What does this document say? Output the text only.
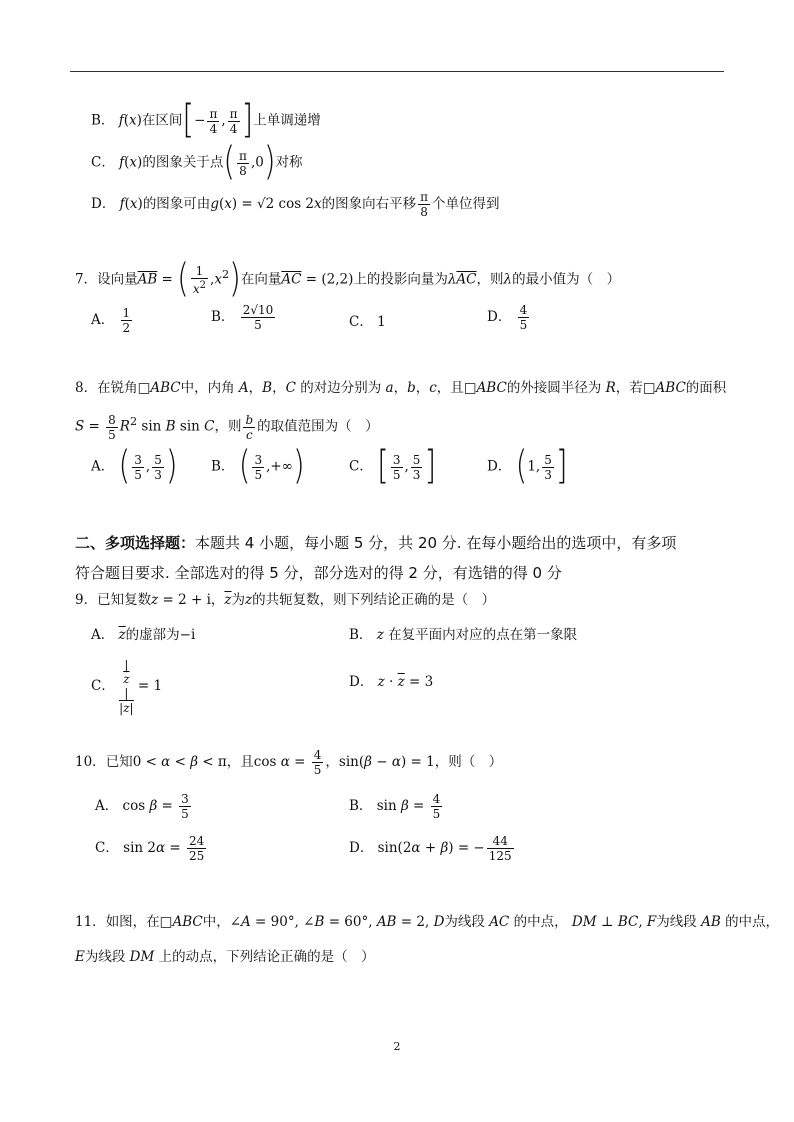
B． f(x)在区间[− $\frac{\pi}{4}$ , $\frac{\pi}{4}$ ]上单调递增
C． f(x)的图象关于点( $\frac{\pi}{8} ,0$)对称
D． f(x)的图象可由g(x) = √2 cos 2x的图象向右平移 $\frac{\pi}{8}$ 个单位得到
7．设向量$\overline{AB}$ = ( $\frac{1}{x^2} ,x^2$)在向量$\overline{AC} = (2,2)$上的投影向量为$\lambda\overline{AC}$，则λ的最小值为（　）
A． $\frac{1}{2}$	B． $\frac{2√10}{5}$	C． 1	D． $\frac{4}{5}$
8．在锐角□ABC中，内角 A，B，C 的对边分别为 a，b，c，且□ABC的外接圆半径为 R，若□ABC的面积
$S = \frac{8}{5} R^2$ sin B sin C，则 $\frac{b}{c}$ 的取值范围为（　）
A． ( $\frac{3}{5}$ , $\frac{5}{3}$ ) B． ( $\frac{3}{5}$ ,+∞)	C． [ $\frac{3}{5}$ , $\frac{5}{3}$ ]	D． (1, $\frac{5}{3}$ ]
二、多项选择题：本题共 4 小题，每小题 5 分，共 20 分. 在每小题给出的选项中，有多项
符合题目要求. 全部选对的得 5 分，部分选对的得 2 分，有选错的得 0 分
9．已知复数z = 2 + i，$\overline{z}$为z的共轭复数，则下列结论正确的是（　）
A． $\overline{z}$的虚部为−i	B． z 在复平面内对应的点在第一象限
C． |
$\overline{z}$
|
|z| = 1	D． $z \cdot \overline{z} = 3$
10．已知0 < α < β < π，且$\cos \alpha = \frac{4}{5}$ ，sin(β − α) = 1，则（　）
A． $\cos \beta = \frac{3}{5}$	B． $\sin \beta = \frac{4}{5}$
C． $\sin 2\alpha = \frac{24}{25}$	D． sin(2α + β) = − $\frac{44}{125}$
11．如图，在□ABC中，∠A = 90°, ∠B = 60°, AB = 2, D为线段 AC 的中点， DM ⊥ BC, F为线段 AB 的中点，
E为线段 DM 上的动点，下列结论正确的是（　）
2
